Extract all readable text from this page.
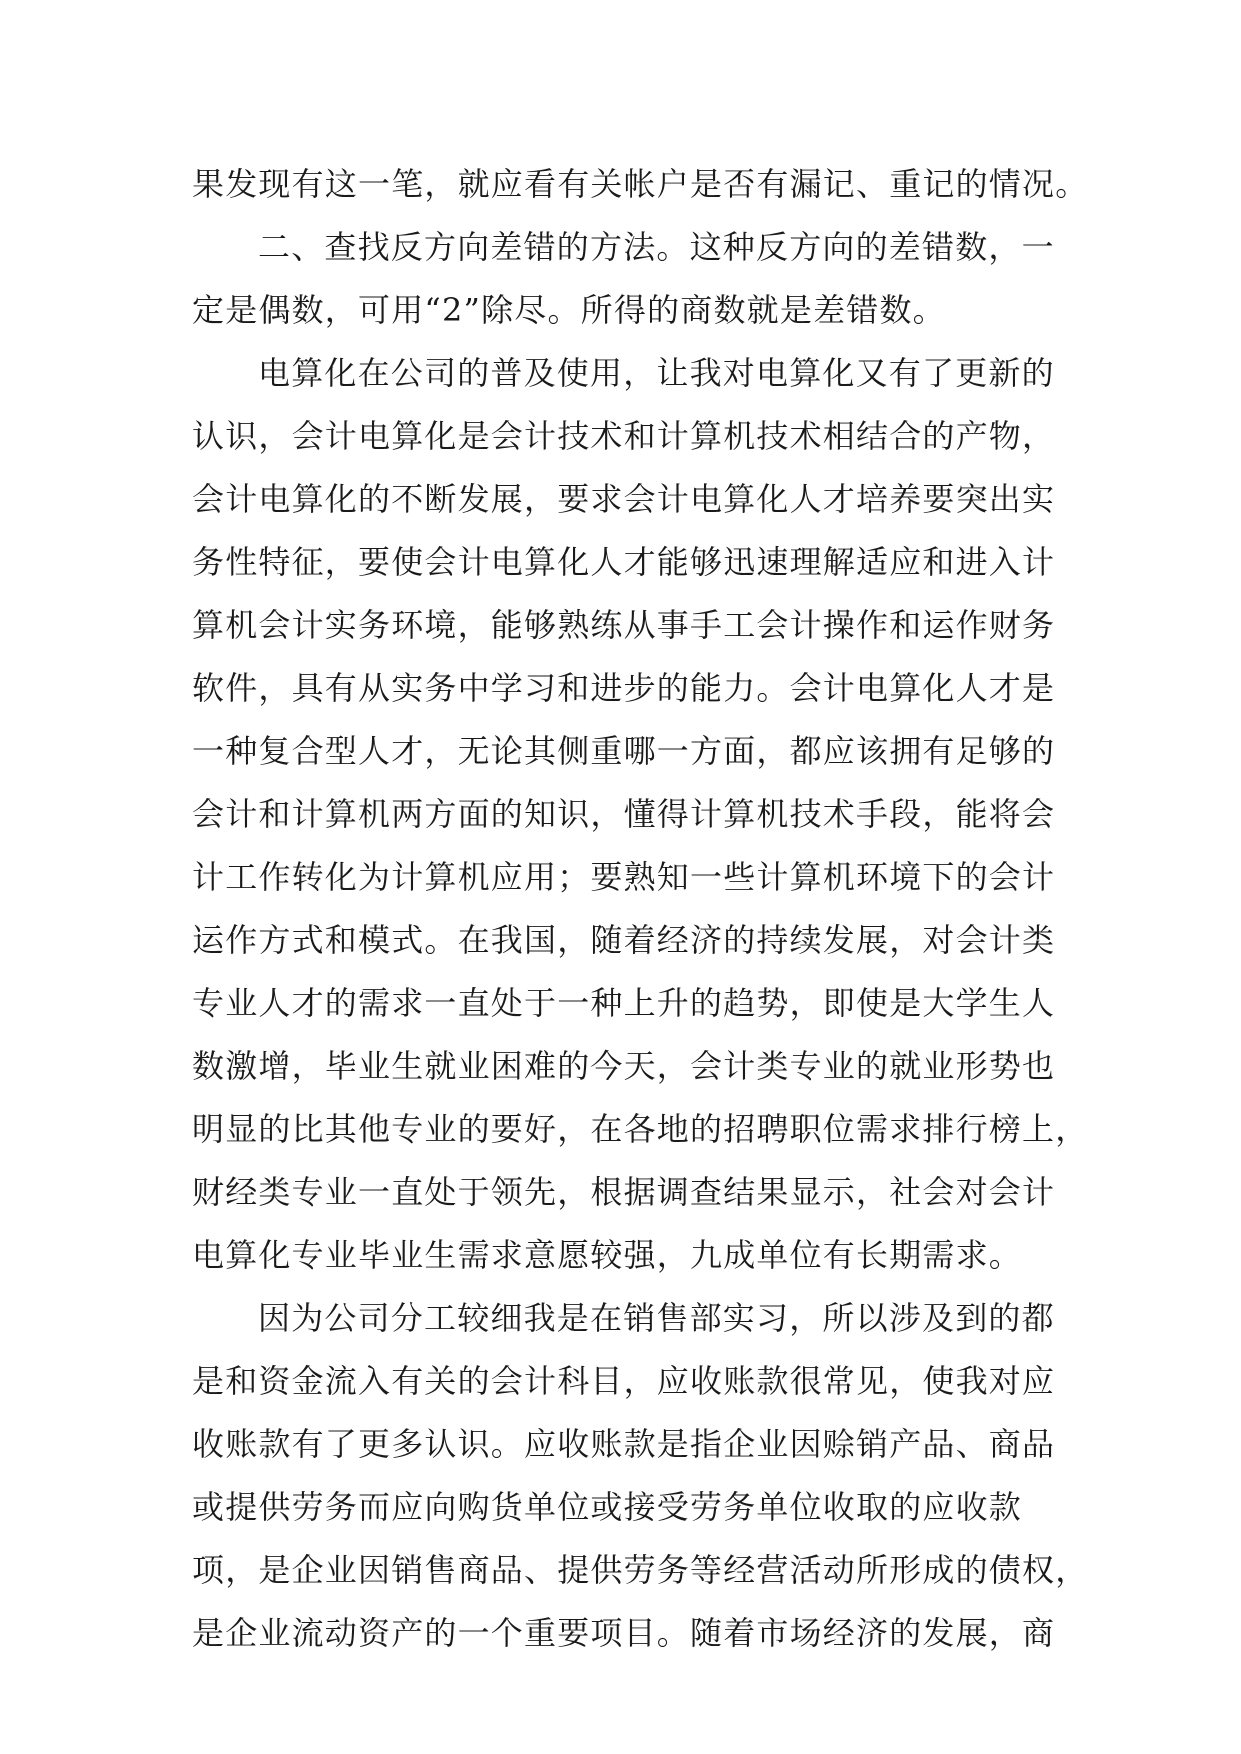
果发现有这一笔，就应看有关帐户是否有漏记、重记的情况。
二、查找反方向差错的方法。这种反方向的差错数，一
定是偶数，可用“2”除尽。所得的商数就是差错数。
电算化在公司的普及使用，让我对电算化又有了更新的
认识，会计电算化是会计技术和计算机技术相结合的产物，
会计电算化的不断发展，要求会计电算化人才培养要突出实
务性特征，要使会计电算化人才能够迅速理解适应和进入计
算机会计实务环境，能够熟练从事手工会计操作和运作财务
软件，具有从实务中学习和进步的能力。会计电算化人才是
一种复合型人才，无论其侧重哪一方面，都应该拥有足够的
会计和计算机两方面的知识，懂得计算机技术手段，能将会
计工作转化为计算机应用；要熟知一些计算机环境下的会计
运作方式和模式。在我国，随着经济的持续发展，对会计类
专业人才的需求一直处于一种上升的趋势，即使是大学生人
数激增，毕业生就业困难的今天，会计类专业的就业形势也
明显的比其他专业的要好，在各地的招聘职位需求排行榜上，
财经类专业一直处于领先，根据调查结果显示，社会对会计
电算化专业毕业生需求意愿较强，九成单位有长期需求。
因为公司分工较细我是在销售部实习，所以涉及到的都
是和资金流入有关的会计科目，应收账款很常见，使我对应
收账款有了更多认识。应收账款是指企业因赊销产品、商品
或提供劳务而应向购货单位或接受劳务单位收取的应收款
项，是企业因销售商品、提供劳务等经营活动所形成的债权，
是企业流动资产的一个重要项目。随着市场经济的发展，商
